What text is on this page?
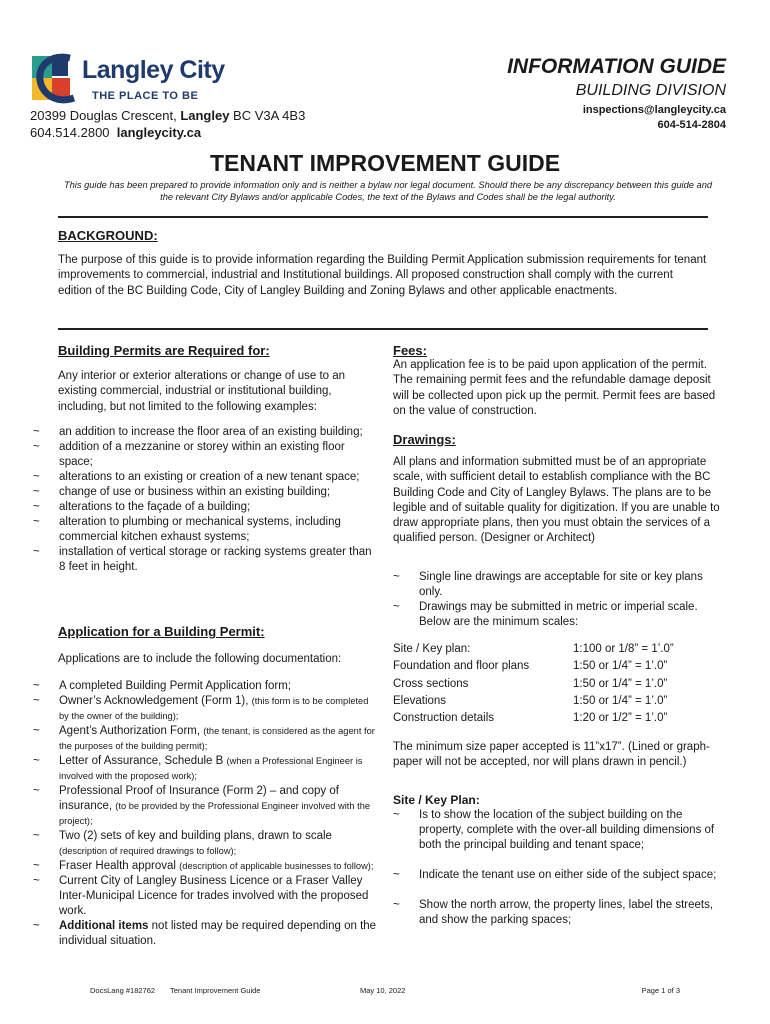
Langley City
THE PLACE TO BE
20399 Douglas Crescent, Langley BC V3A 4B3
604.514.2800 langleycity.ca
INFORMATION GUIDE
BUILDING DIVISION
inspections@langleycity.ca
604-514-2804
TENANT IMPROVEMENT GUIDE
This guide has been prepared to provide information only and is neither a bylaw nor legal document. Should there be any discrepancy between this guide and the relevant City Bylaws and/or applicable Codes, the text of the Bylaws and Codes shall be the legal authority.
BACKGROUND:
The purpose of this guide is to provide information regarding the Building Permit Application submission requirements for tenant improvements to commercial, industrial and Institutional buildings. All proposed construction shall comply with the current edition of the BC Building Code, City of Langley Building and Zoning Bylaws and other applicable enactments.
Building Permits are Required for:
Any interior or exterior alterations or change of use to an existing commercial, industrial or institutional building, including, but not limited to the following examples:
~ an addition to increase the floor area of an existing building;
~ addition of a mezzanine or storey within an existing floor space;
~ alterations to an existing or creation of a new tenant space;
~ change of use or business within an existing building;
~ alterations to the façade of a building;
~ alteration to plumbing or mechanical systems, including commercial kitchen exhaust systems;
~ installation of vertical storage or racking systems greater than 8 feet in height.
Application for a Building Permit:
Applications are to include the following documentation:
~ A completed Building Permit Application form;
~ Owner’s Acknowledgement (Form 1), (this form is to be completed by the owner of the building);
~ Agent’s Authorization Form, (the tenant, is considered as the agent for the purposes of the building permit);
~ Letter of Assurance, Schedule B (when a Professional Engineer is involved with the proposed work);
~ Professional Proof of Insurance (Form 2) – and copy of insurance, (to be provided by the Professional Engineer involved with the project);
~ Two (2) sets of key and building plans, drawn to scale (description of required drawings to follow);
~ Fraser Health approval (description of applicable businesses to follow);
~ Current City of Langley Business Licence or a Fraser Valley Inter-Municipal Licence for trades involved with the proposed work.
~ Additional items not listed may be required depending on the individual situation.
Fees:
An application fee is to be paid upon application of the permit. The remaining permit fees and the refundable damage deposit will be collected upon pick up the permit. Permit fees are based on the value of construction.
Drawings:
All plans and information submitted must be of an appropriate scale, with sufficient detail to establish compliance with the BC Building Code and City of Langley Bylaws. The plans are to be legible and of suitable quality for digitization. If you are unable to draw appropriate plans, then you must obtain the services of a qualified person. (Designer or Architect)
~ Single line drawings are acceptable for site or key plans only.
~ Drawings may be submitted in metric or imperial scale. Below are the minimum scales:
Site / Key plan:	1:100 or 1/8” = 1’.0”
Foundation and floor plans	1:50 or 1/4” = 1’.0”
Cross sections	1:50 or 1/4” = 1’.0”
Elevations	1:50 or 1/4” = 1’.0”
Construction details	1:20 or 1/2” = 1’.0”
The minimum size paper accepted is 11”x17”. (Lined or graph-paper will not be accepted, nor will plans drawn in pencil.)
Site / Key Plan:
~ Is to show the location of the subject building on the property, complete with the over-all building dimensions of both the principal building and tenant space;
~ Indicate the tenant use on either side of the subject space;
~ Show the north arrow, the property lines, label the streets, and show the parking spaces;
DocsLang #182762 Tenant Improvement Guide	May 10, 2022	Page 1 of 3
